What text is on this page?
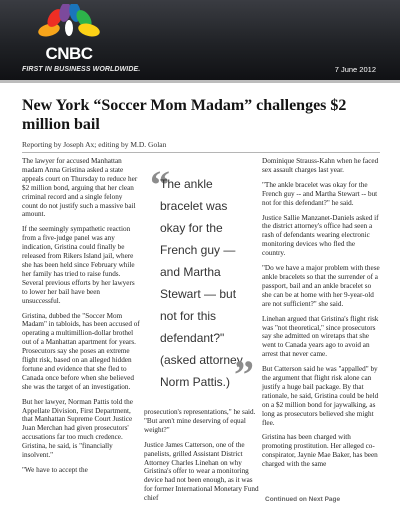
CNBC
FIRST IN BUSINESS WORLDWIDE.	7 June 2012
New York “Soccer Mom Madam” challenges $2 million bail
Reporting by Joseph Ax; editing by M.D. Golan

The lawyer for accused Manhattan madam Anna Gristina asked a state appeals court on Thursday to reduce her $2 million bond, arguing that her clean criminal record and a single felony count do not justify such a massive bail amount.

If the seemingly sympathetic reaction from a five-judge panel was any indication, Gristina could finally be released from Rikers Island jail, where she has been held since February while her family has tried to raise funds. Several previous efforts by her lawyers to lower her bail have been unsuccessful.

Gristina, dubbed the "Soccer Mom Madam" in tabloids, has been accused of operating a multimillion-dollar brothel out of a Manhattan apartment for years. Prosecutors say she poses an extreme flight risk, based on an alleged hidden fortune and evidence that she fled to Canada once before when she believed she was the target of an investigation.

But her lawyer, Norman Pattis told the Appellate Division, First Department, that Manhattan Supreme Court Justice Juan Merchan had given prosecutors' accusations far too much credence. Gristina, he said, is "financially insolvent."

"We have to accept the

“
The ankle bracelet was okay for the French guy — and Martha Stewart — but not for this defendant?" (asked attorney Norm Pattis.) ”

prosecution's representations," he said. "But aren't mine deserving of equal weight?"

Justice James Catterson, one of the panelists, grilled Assistant District Attorney Charles Linehan on why Gristina's offer to wear a monitoring device had not been enough, as it was for former International Monetary Fund chief

Dominique Strauss-Kahn when he faced sex assault charges last year.

"The ankle bracelet was okay for the French guy -- and Martha Stewart -- but not for this defendant?" he said.

Justice Sallie Manzanet-Daniels asked if the district attorney's office had seen a rash of defendants wearing electronic monitoring devices who fled the country.

"Do we have a major problem with these ankle bracelets so that the surrender of a passport, bail and an ankle bracelet so she can be at home with her 9-year-old are not sufficient?" she said.

Linehan argued that Gristina's flight risk was "not theoretical," since prosecutors say she admitted on wiretaps that she went to Canada years ago to avoid an arrest that never came.

But Catterson said he was "appalled" by the argument that flight risk alone can justify a huge bail package. By that rationale, he said, Gristina could be held on a $2 million bond for jaywalking, as long as prosecutors believed she might flee.

Gristina has been charged with promoting prostitution. Her alleged co-conspirator, Jaynie Mae Baker, has been charged with the same

Continued on Next Page
